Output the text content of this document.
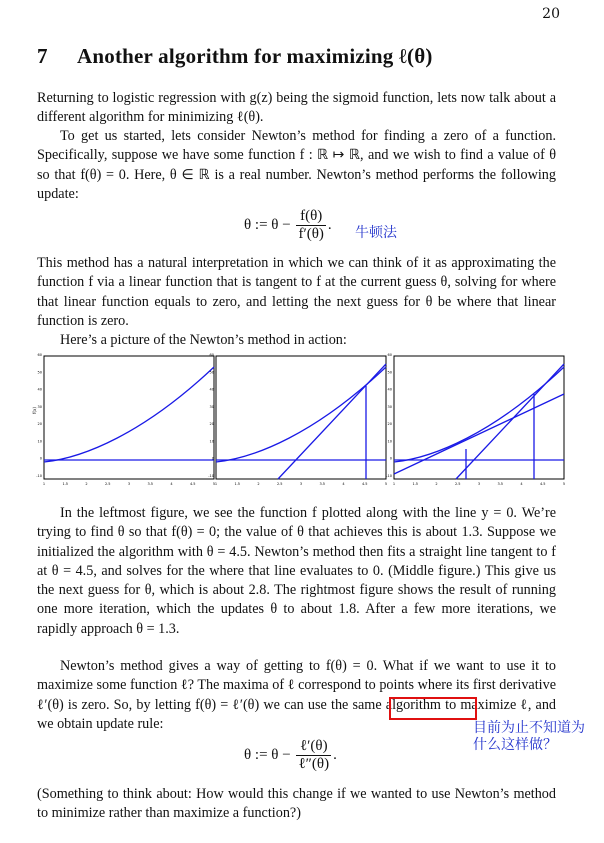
20
7 Another algorithm for maximizing ℓ(θ)

Returning to logistic regression with g(z) being the sigmoid function, lets now talk about a different algorithm for minimizing ℓ(θ).

To get us started, lets consider Newton’s method for finding a zero of a function. Specifically, suppose we have some function f : ℝ ↦ ℝ, and we wish to find a value of θ so that f(θ) = 0. Here, θ ∈ ℝ is a real number. Newton’s method performs the following update:

θ := $\theta - \frac{f(\theta)}{f'(\theta)}$ .
牛顿法

This method has a natural interpretation in which we can think of it as approximating the function f via a linear function that is tangent to f at the current guess θ, solving for where that linear function equals to zero, and letting the next guess for θ be where that linear function is zero.

Here’s a picture of the Newton’s method in action:

f(x)
1	1.5	2	2.5	3	3.5	4	4.5	5
-10
0
10
20
30
40
50
60
1	1.5	2	2.5	3	3.5	4	4.5	5
-10
0
10
20
30
40
50
60
1	1.5	2	2.5	3	3.5	4	4.5	5
-10
0
10
20
30
40
50
60

In the leftmost figure, we see the function f plotted along with the line y = 0. We’re trying to find θ so that f(θ) = 0; the value of θ that achieves this is about 1.3. Suppose we initialized the algorithm with θ = 4.5. Newton’s method then fits a straight line tangent to f at θ = 4.5, and solves for the where that line evaluates to 0. (Middle figure.) This give us the next guess for θ, which is about 2.8. The rightmost figure shows the result of running one more iteration, which the updates θ to about 1.8. After a few more iterations, we rapidly approach θ = 1.3.

Newton’s method gives a way of getting to f(θ) = 0. What if we want to use it to maximize some function ℓ? The maxima of ℓ correspond to points where its first derivative ℓ′(θ) is zero. So, by letting f(θ) = ℓ′(θ) we can use the same algorithm to maximize ℓ, and we obtain update rule:	目前为止不知道为
什么这样做？
θ := $\theta - \frac{\text{ℓ′(θ)}}{\text{ℓ″(θ)}}$ .

(Something to think about: How would this change if we wanted to use Newton’s method to minimize rather than maximize a function?)
